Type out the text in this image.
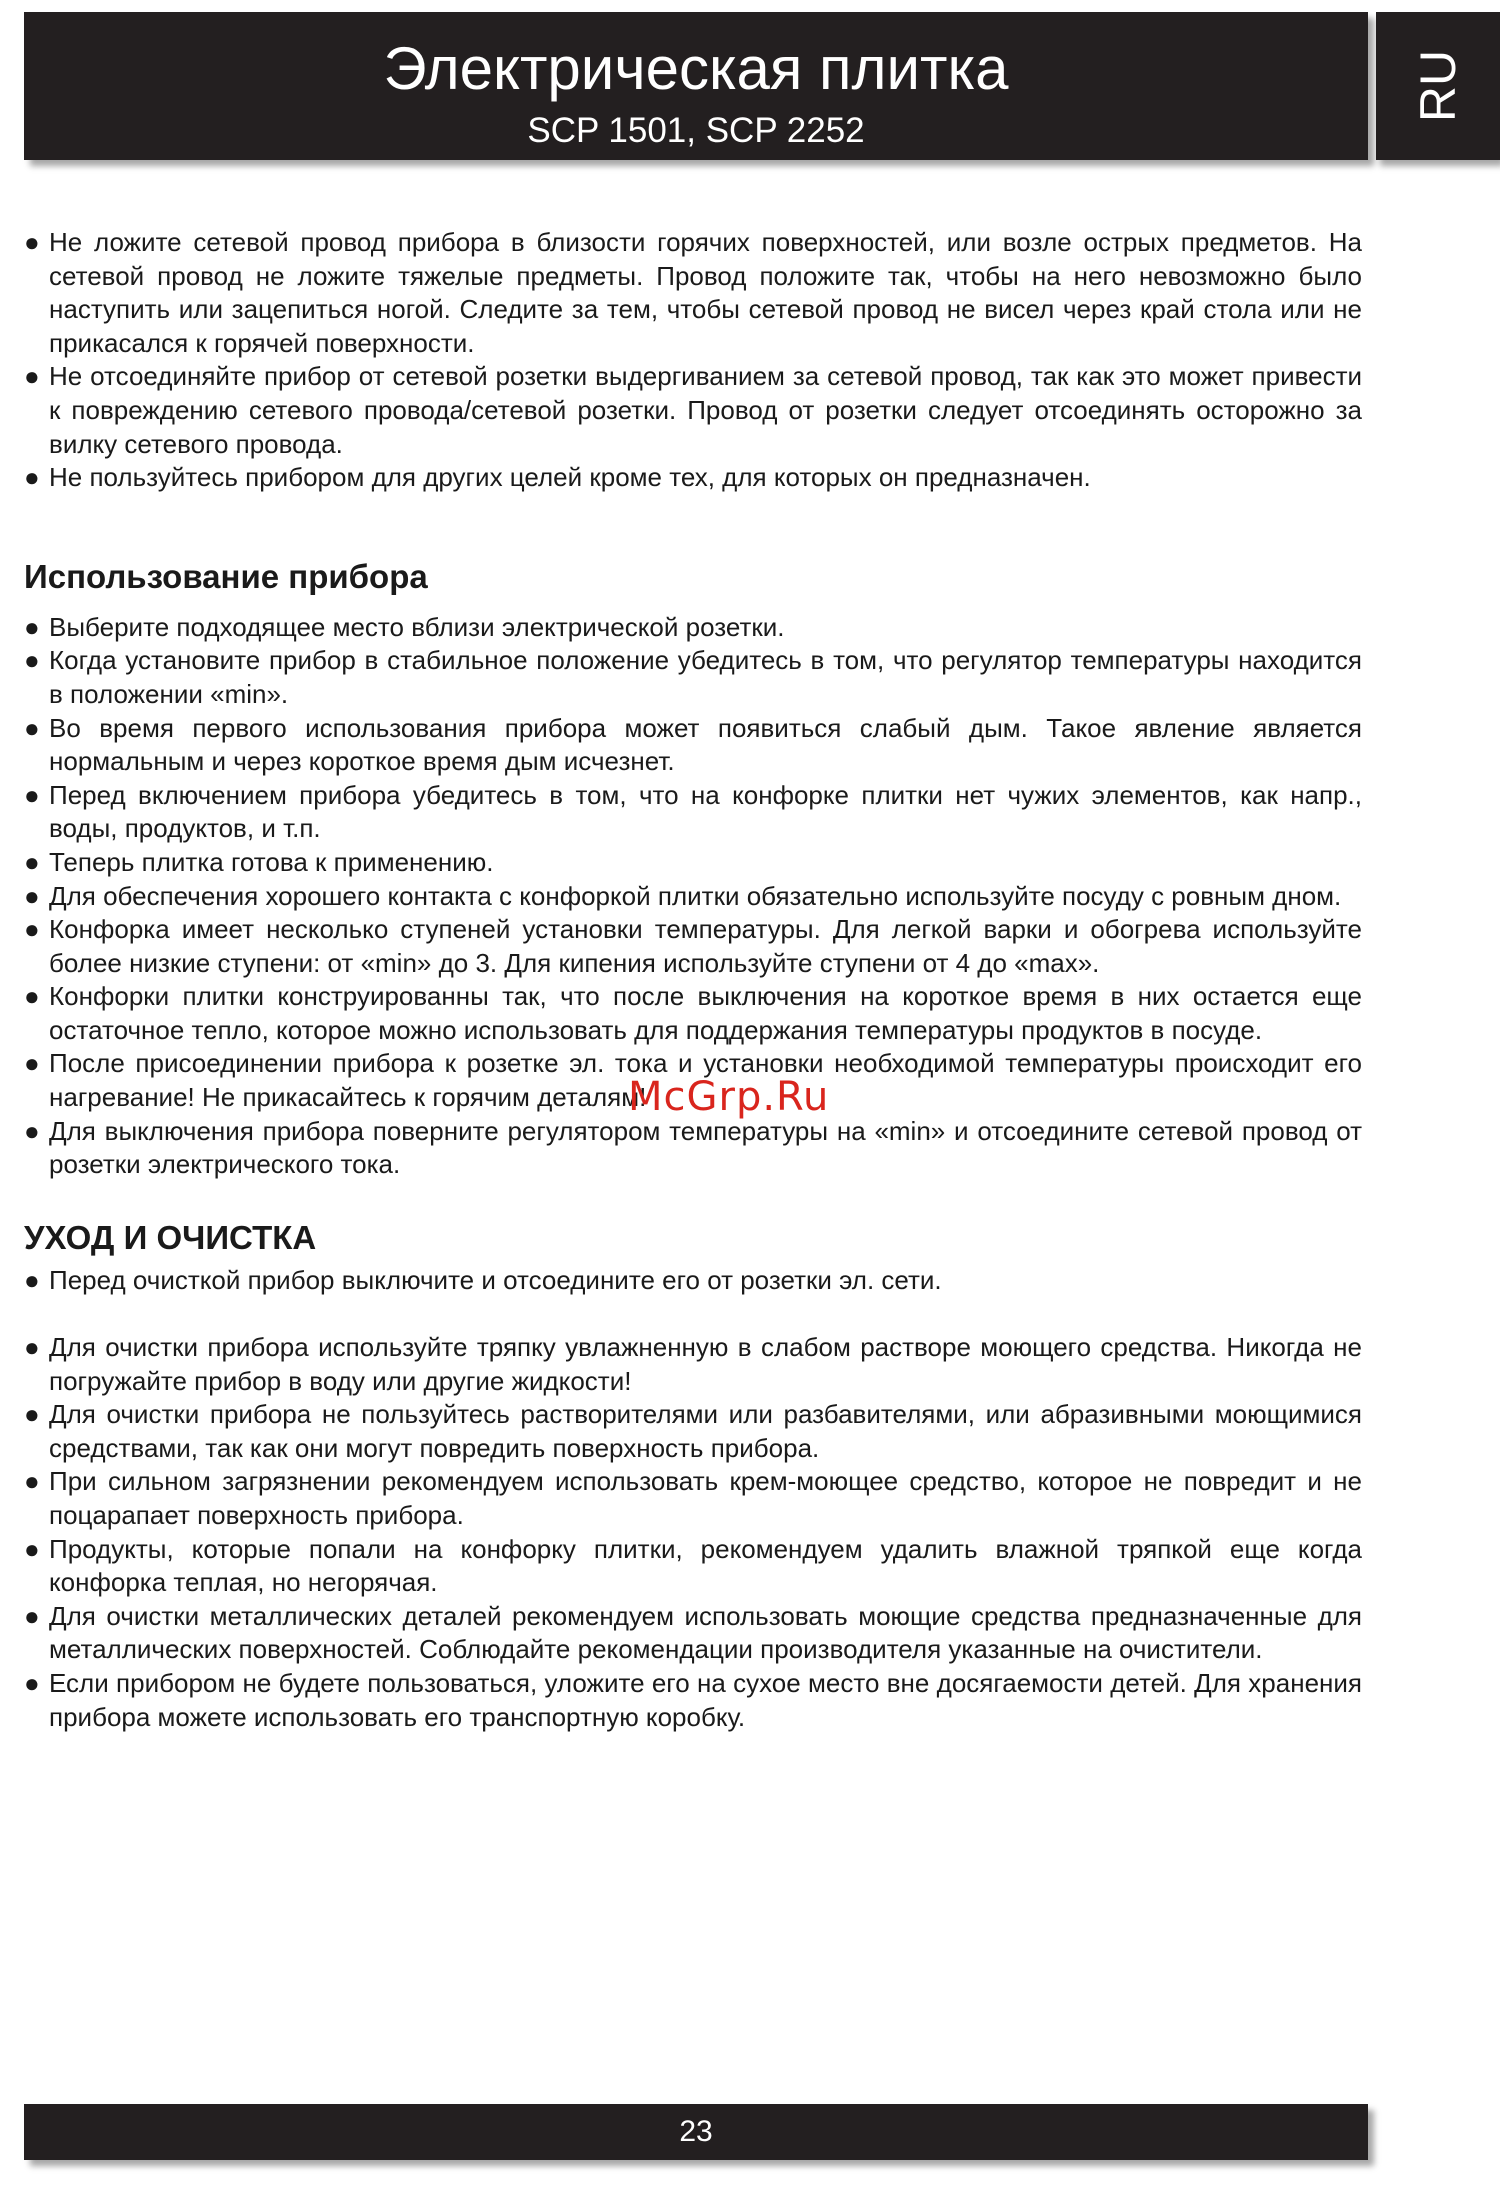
Электрическая плитка
SCP 1501, SCP 2252
RU
● Не ложите сетевой провод прибора в близости горячих поверхностей, или возле острых предметов. На сетевой провод не ложите тяжелые предметы. Провод положите так, чтобы на него невозможно было наступить или зацепиться ногой. Следите за тем, чтобы сетевой провод не висел через край стола или не прикасался к горячей поверхности.
● Не отсоединяйте прибор от сетевой розетки выдергиванием за сетевой провод, так как это может привести к повреждению сетевого провода/сетевой розетки. Провод от розетки следует отсоединять осторожно за вилку сетевого провода.
● Не пользуйтесь прибором для других целей кроме тех, для которых он предназначен.
Использование прибора
● Выберите подходящее место вблизи электрической розетки.
● Когда установите прибор в стабильное положение убедитесь в том, что регулятор температуры находится в положении «min».
● Во время первого использования прибора может появиться слабый дым. Такое явление является нормальным и через короткое время дым исчезнет.
● Перед включением прибора убедитесь в том, что на конфорке плитки нет чужих элементов, как напр., воды, продуктов, и т.п.
● Теперь плитка готова к применению.
● Для обеспечения хорошего контакта с конфоркой плитки обязательно используйте посуду с ровным дном.
● Конфорка имеет несколько ступеней установки температуры. Для легкой варки и обогрева используйте более низкие ступени: от «min» до 3. Для кипения используйте ступени от 4 до «max».
● Конфорки плитки конструированны так, что после выключения на короткое время в них остается еще остаточное тепло, которое можно использовать для поддержания температуры продуктов в посуде.
● После присоединении прибора к розетке эл. тока и установки необходимой температуры происходит его нагревание! Не прикасайтесь к горячим деталям!
● Для выключения прибора поверните регулятором температуры на «min» и отсоедините сетевой провод от розетки электрического тока.
УХОД И ОЧИСТКА
● Перед очисткой прибор выключите и отсоедините его от розетки эл. сети.
● Для очистки прибора используйте тряпку увлажненную в слабом растворе моющего средства. Никогда не погружайте прибор в воду или другие жидкости!
● Для очистки прибора не пользуйтесь растворителями или разбавителями, или абразивными моющимися средствами, так как они могут повредить поверхность прибора.
● При сильном загрязнении рекомендуем использовать крем-моющее средство, которое не повредит и не поцарапает поверхность прибора.
● Продукты, которые попали на конфорку плитки, рекомендуем удалить влажной тряпкой еще когда конфорка теплая, но негорячая.
● Для очистки металлических деталей рекомендуем использовать моющие средства предназначенные для металлических поверхностей. Соблюдайте рекомендации производителя указанные на очистители.
● Если прибором не будете пользоваться, уложите его на сухое место вне досягаемости детей. Для хранения прибора можете использовать его транспортную коробку.
McGrp.Ru
23
